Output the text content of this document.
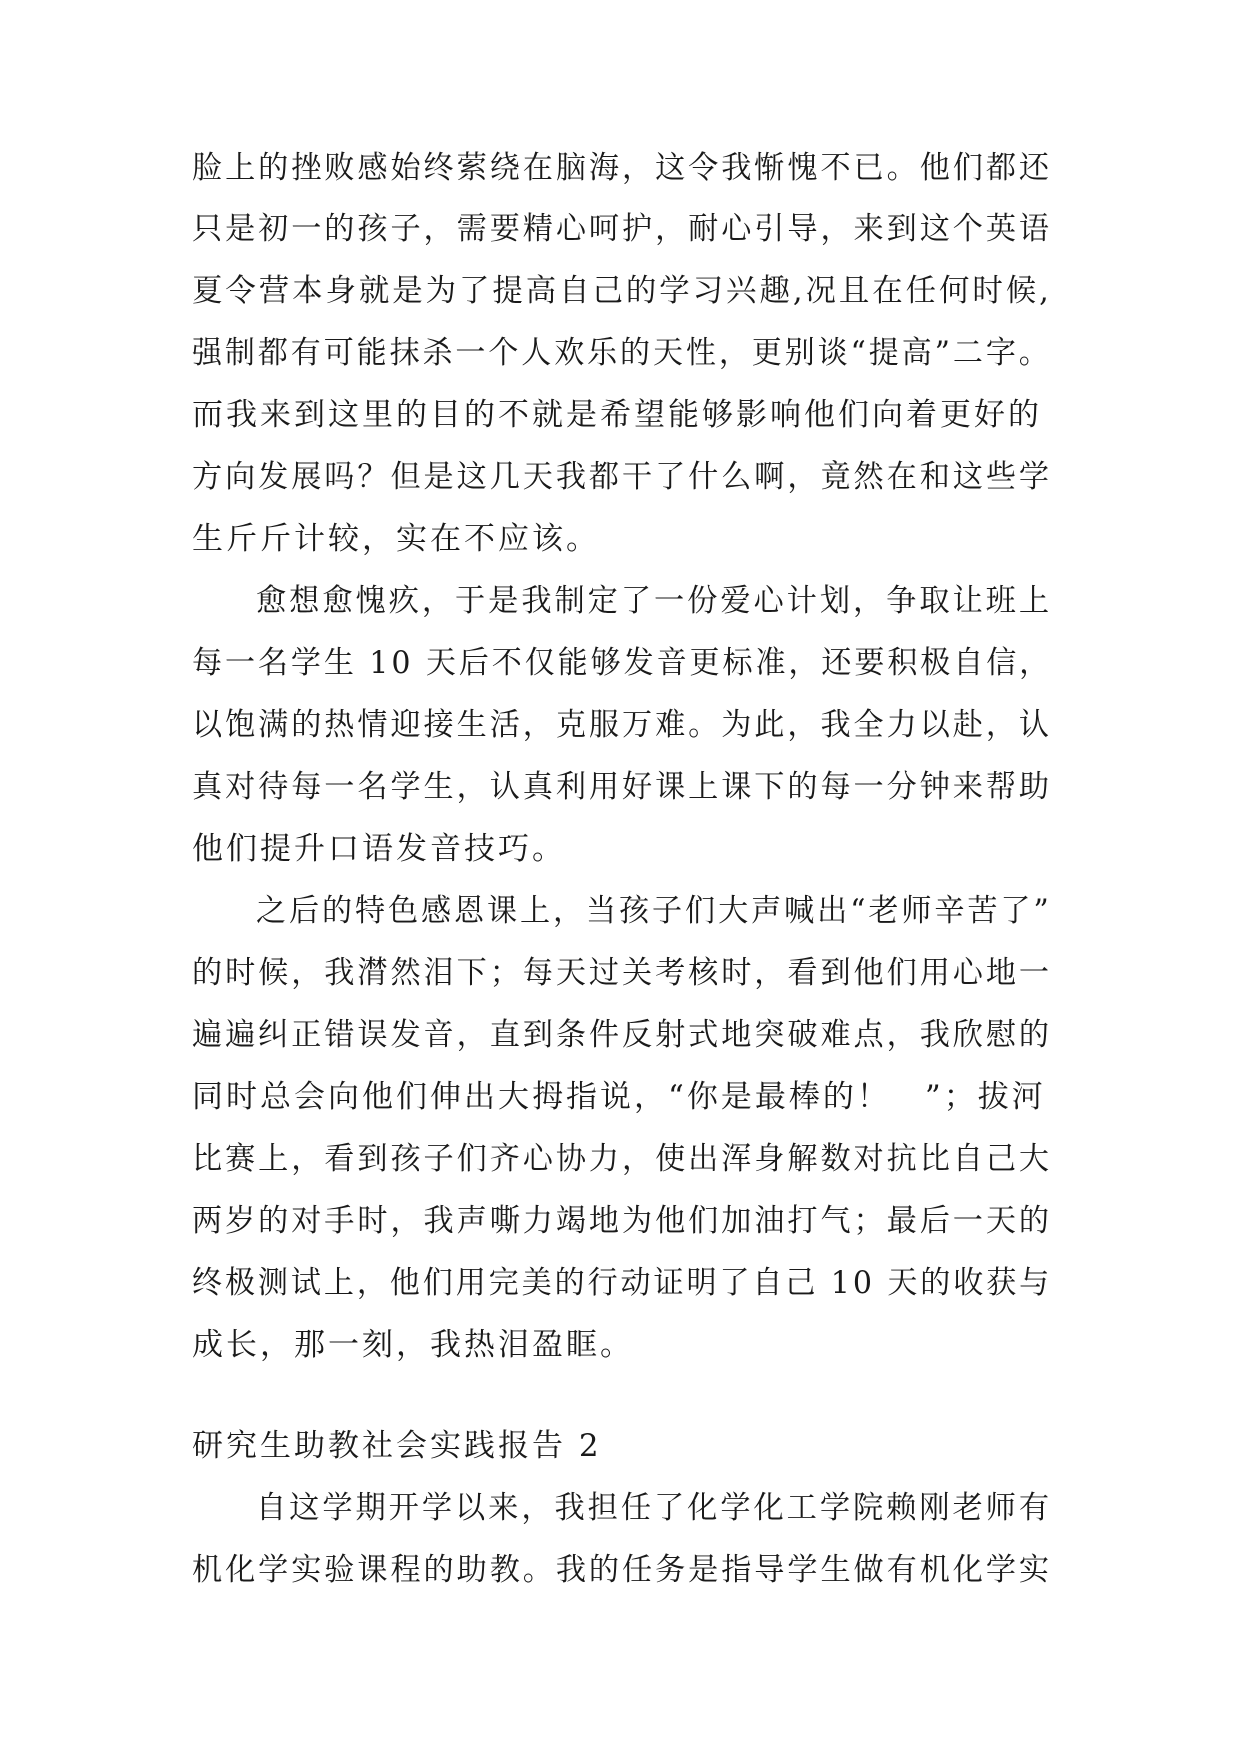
脸上的挫败感始终萦绕在脑海，这令我惭愧不已。他们都还
只是初一的孩子，需要精心呵护，耐心引导，来到这个英语
夏令营本身就是为了提高自己的学习兴趣,况且在任何时候,
强制都有可能抹杀一个人欢乐的天性，更别谈“提高”二字。
而我来到这里的目的不就是希望能够影响他们向着更好的
方向发展吗？但是这几天我都干了什么啊，竟然在和这些学
生斤斤计较，实在不应该。
愈想愈愧疚，于是我制定了一份爱心计划，争取让班上
每一名学生 10 天后不仅能够发音更标准，还要积极自信，
以饱满的热情迎接生活，克服万难。为此，我全力以赴，认
真对待每一名学生，认真利用好课上课下的每一分钟来帮助
他们提升口语发音技巧。
之后的特色感恩课上，当孩子们大声喊出“老师辛苦了”
的时候，我潸然泪下；每天过关考核时，看到他们用心地一
遍遍纠正错误发音，直到条件反射式地突破难点，我欣慰的
同时总会向他们伸出大拇指说，“你是最棒的！　”；拔河
比赛上，看到孩子们齐心协力，使出浑身解数对抗比自己大
两岁的对手时，我声嘶力竭地为他们加油打气；最后一天的
终极测试上，他们用完美的行动证明了自己 10 天的收获与
成长，那一刻，我热泪盈眶。
研究生助教社会实践报告 2
自这学期开学以来，我担任了化学化工学院赖刚老师有
机化学实验课程的助教。我的任务是指导学生做有机化学实
